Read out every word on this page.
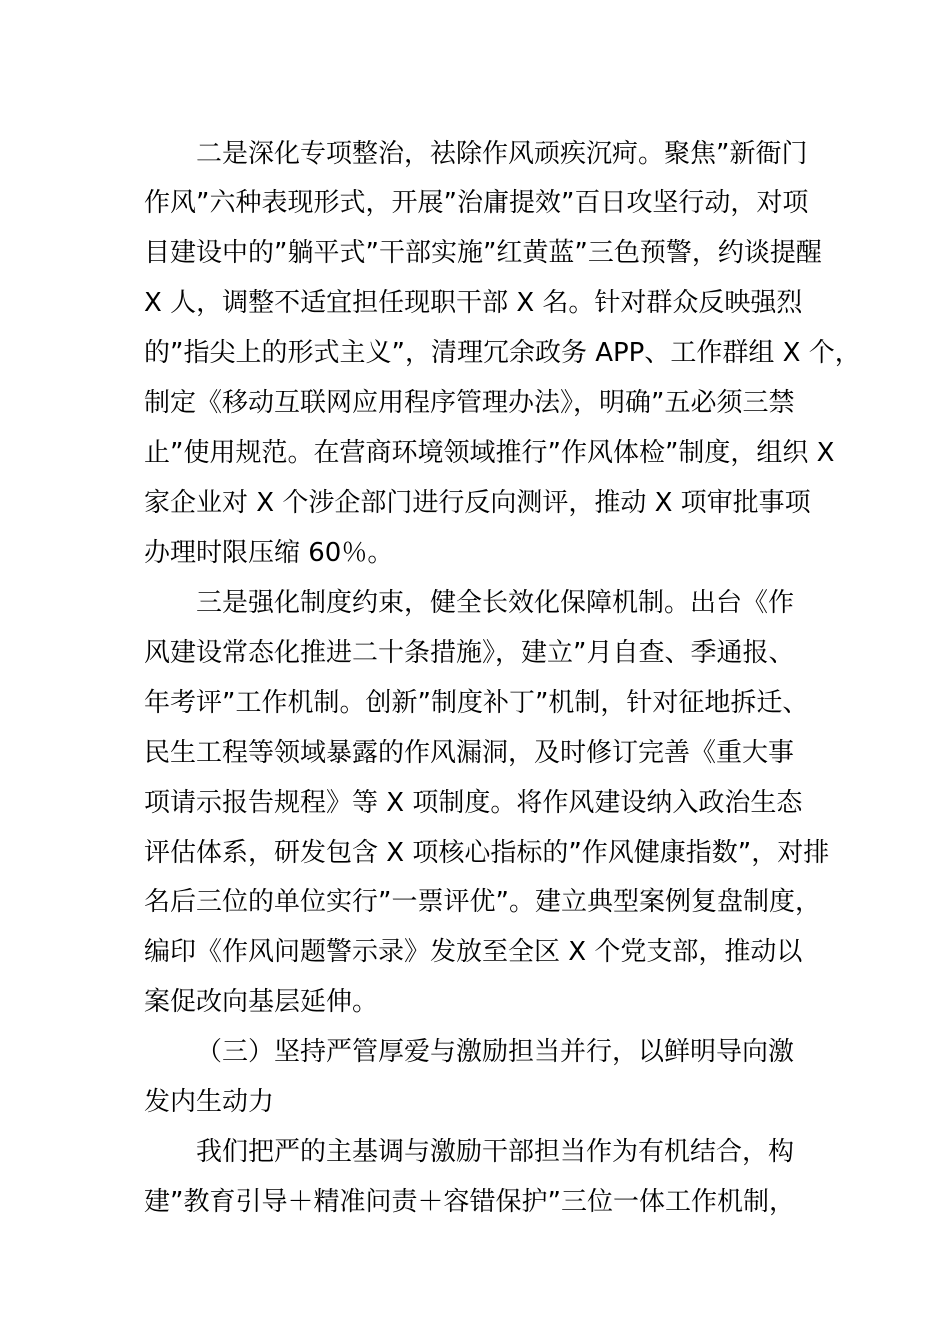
二是深化专项整治，祛除作风顽疾沉疴。聚焦”新衙门
作风”六种表现形式，开展”治庸提效”百日攻坚行动，对项
目建设中的”躺平式”干部实施”红黄蓝”三色预警，约谈提醒
X 人，调整不适宜担任现职干部 X 名。针对群众反映强烈
的”指尖上的形式主义”，清理冗余政务 APP、工作群组 X 个，
制定《移动互联网应用程序管理办法》，明确”五必须三禁
止”使用规范。在营商环境领域推行”作风体检”制度，组织 X
家企业对 X 个涉企部门进行反向测评，推动 X 项审批事项
办理时限压缩 60％。
三是强化制度约束，健全长效化保障机制。出台《作
风建设常态化推进二十条措施》，建立”月自查、季通报、
年考评”工作机制。创新”制度补丁”机制，针对征地拆迁、
民生工程等领域暴露的作风漏洞，及时修订完善《重大事
项请示报告规程》等 X 项制度。将作风建设纳入政治生态
评估体系，研发包含 X 项核心指标的”作风健康指数”，对排
名后三位的单位实行”一票评优”。建立典型案例复盘制度，
编印《作风问题警示录》发放至全区 X 个党支部，推动以
案促改向基层延伸。
（三）坚持严管厚爱与激励担当并行，以鲜明导向激
发内生动力
我们把严的主基调与激励干部担当作为有机结合，构
建”教育引导＋精准问责＋容错保护”三位一体工作机制，
